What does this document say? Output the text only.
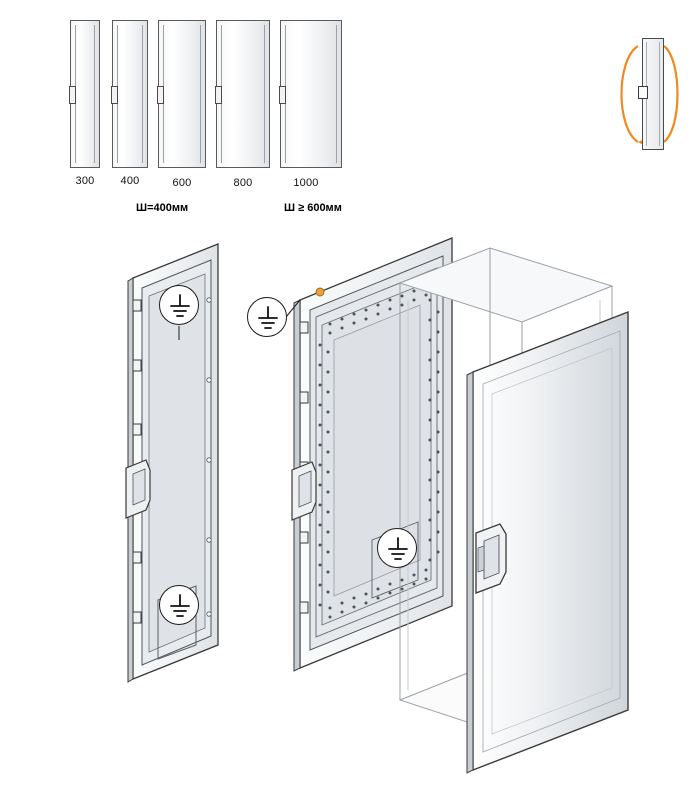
300	400	600	800	1000
Ш=400мм	Ш ≥ 600мм
